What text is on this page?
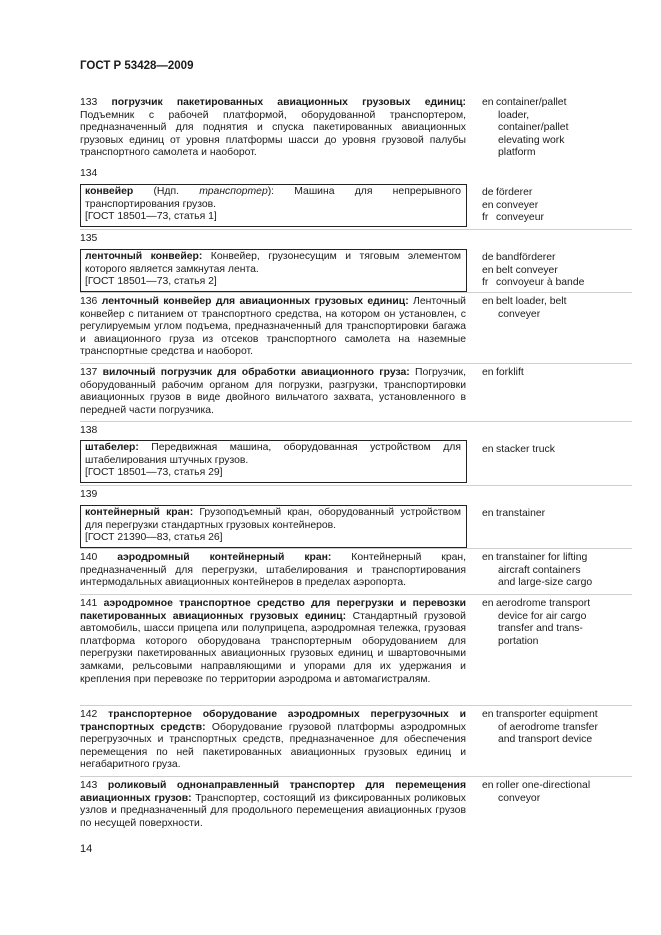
ГОСТ Р 53428—2009
133 погрузчик пакетированных авиационных грузовых единиц: Подъемник с рабочей платформой, оборудованной транспортером, предназначенный для поднятия и спуска пакетированных авиационных грузовых единиц от уровня платформы шасси до уровня грузовой палубы транспортного самолета и наоборот.
en container/pallet
loader,
container/pallet
elevating work
platform
134
конвейер (Ндп. транспортер): Машина для непрерывного транспортирования грузов.
[ГОСТ 18501—73, статья 1]
de förderer
en conveyer
fr conveyeur
135
ленточный конвейер: Конвейер, грузонесущим и тяговым элементом которого является замкнутая лента.
[ГОСТ 18501—73, статья 2]
de bandförderer
en belt conveyer
fr convoyeur à bande
136 ленточный конвейер для авиационных грузовых единиц: Ленточный конвейер с питанием от транспортного средства, на котором он установлен, с регулируемым углом подъема, предназначенный для транспортировки багажа и авиационного груза из отсеков транспортного самолета на наземные транспортные средства и наоборот.
en belt loader, belt
conveyer
137 вилочный погрузчик для обработки авиационного груза: Погрузчик, оборудованный рабочим органом для погрузки, разгрузки, транспортировки авиационных грузов в виде двойного вильчатого захвата, установленного в передней части погрузчика.
en forklift
138
штабелер: Передвижная машина, оборудованная устройством для штабелирования штучных грузов.
[ГОСТ 18501—73, статья 29]
en stacker truck
139
контейнерный кран: Грузоподъемный кран, оборудованный устройством для перегрузки стандартных грузовых контейнеров.
[ГОСТ 21390—83, статья 26]
en transtainer
140 аэродромный контейнерный кран: Контейнерный кран, предназначенный для перегрузки, штабелирования и транспортирования интермодальных авиационных контейнеров в пределах аэропорта.
en transtainer for lifting
aircraft containers
and large-size cargo
141 аэродромное транспортное средство для перегрузки и перевозки пакетированных авиационных грузовых единиц: Стандартный грузовой автомобиль, шасси прицепа или полуприцепа, аэродромная тележка, грузовая платформа которого оборудована транспортерным оборудованием для перегрузки пакетированных авиационных грузовых единиц и швартовочными замками, рельсовыми направляющими и упорами для их удержания и крепления при перевозке по территории аэродрома и автомагистралям.
en aerodrome transport
device for air cargo
transfer and trans-
portation
142 транспортерное оборудование аэродромных перегрузочных и транспортных средств: Оборудование грузовой платформы аэродромных перегрузочных и транспортных средств, предназначенное для обеспечения перемещения по ней пакетированных авиационных грузовых единиц и негабаритного груза.
en transporter equipment
of aerodrome transfer
and transport device
143 роликовый однонаправленный транспортер для перемещения авиационных грузов: Транспортер, состоящий из фиксированных роликовых узлов и предназначенный для продольного перемещения авиационных грузов по несущей поверхности.
en roller one-directional
conveyor
14
